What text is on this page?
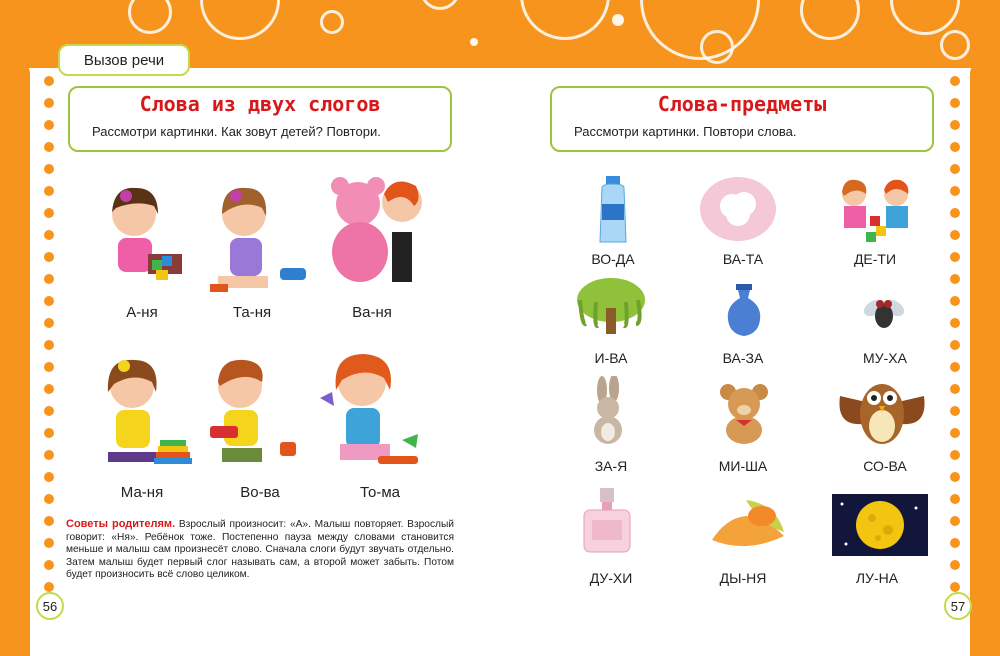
Вызов речи
Слова из двух слогов
Рассмотри картинки. Как зовут детей? Повтори.
А-ня	Та-ня	Ва-ня
Ма-ня	Во-ва	То-ма
Советы родителям. Взрослый произносит: «А». Малыш повторяет. Взрослый говорит: «Ня». Ребёнок тоже. Постепенно пауза между словами становится меньше и малыш сам произнесёт слово. Сначала слоги будут звучать отдельно. Затем малыш будет первый слог называть сам, а второй может забыть. Потом будет произносить всё слово целиком.
56
Слова-предметы
Рассмотри картинки. Повтори слова.
ВО-ДА	ВА-ТА	ДЕ-ТИ
И-ВА	ВА-ЗА	МУ-ХА
ЗА-Я	МИ-ША	СО-ВА
ДУ-ХИ	ДЫ-НЯ	ЛУ-НА
57
